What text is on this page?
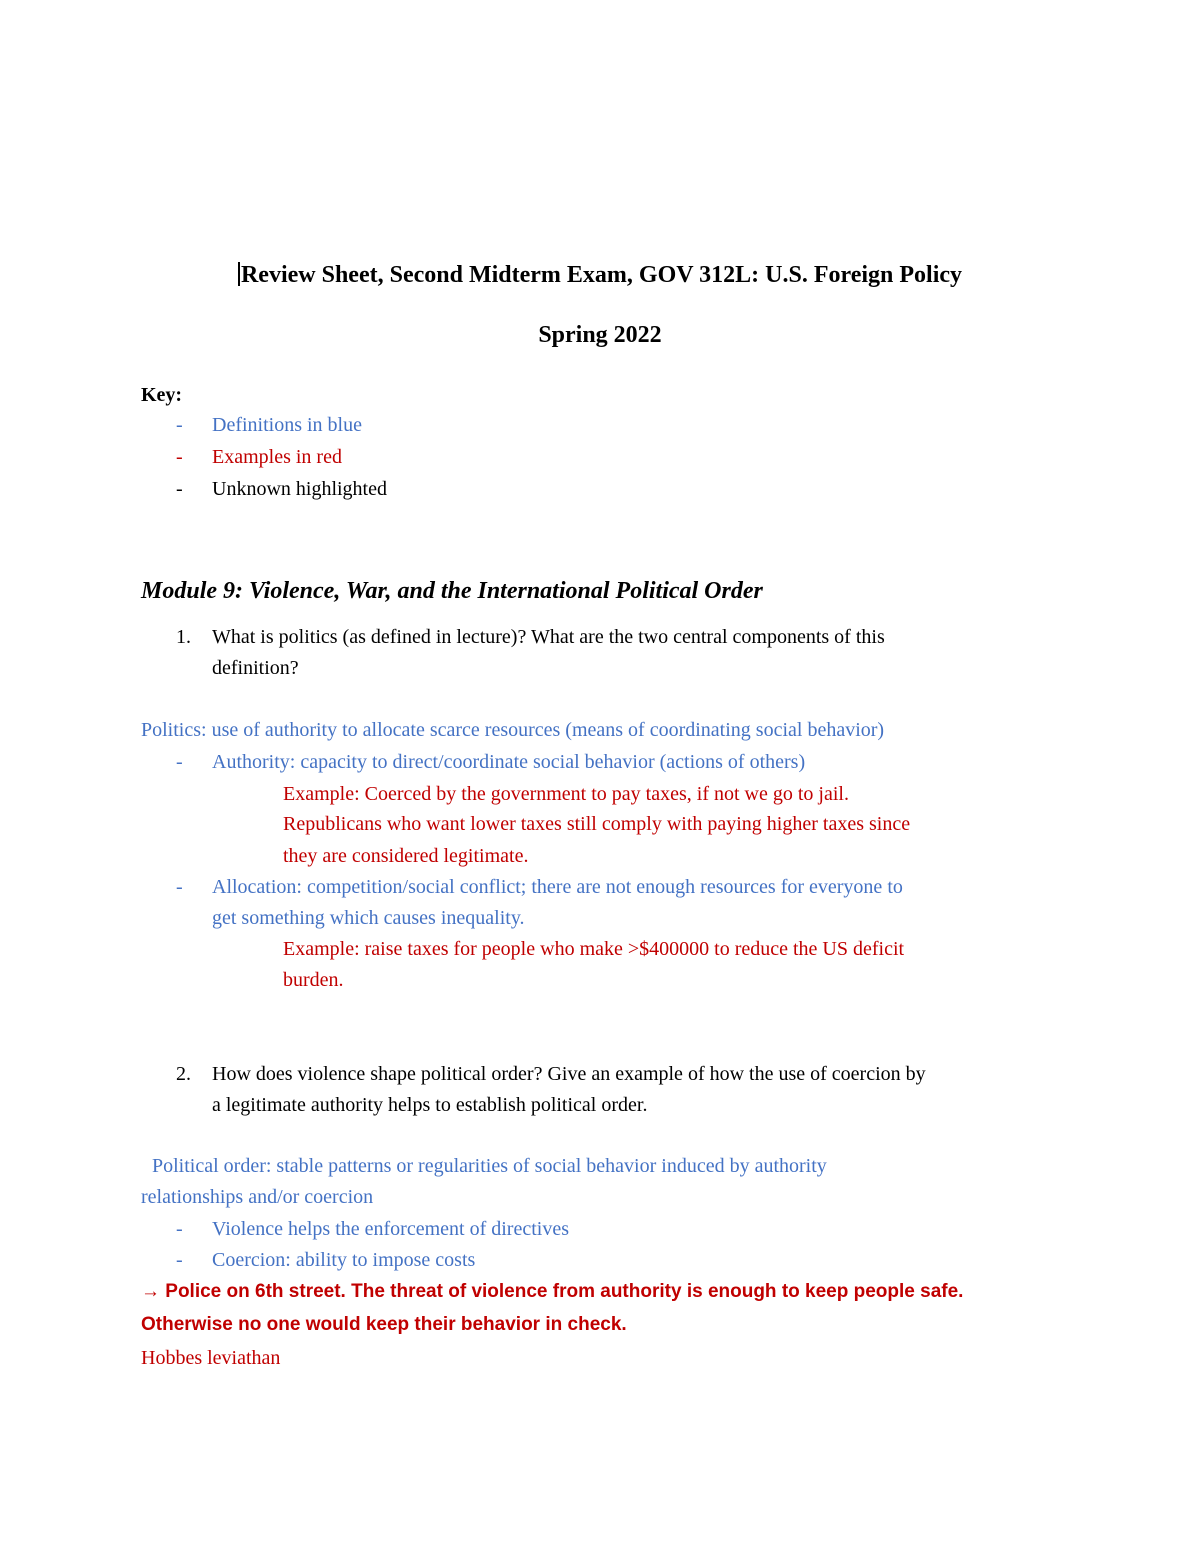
Review Sheet, Second Midterm Exam, GOV 312L: U.S. Foreign Policy
Spring 2022
Key:
- Definitions in blue
- Examples in red
- Unknown highlighted
Module 9: Violence, War, and the International Political Order
1. What is politics (as defined in lecture)? What are the two central components of this
definition?
Politics: use of authority to allocate scarce resources (means of coordinating social behavior)
- Authority: capacity to direct/coordinate social behavior (actions of others)
Example: Coerced by the government to pay taxes, if not we go to jail.
Republicans who want lower taxes still comply with paying higher taxes since
they are considered legitimate.
- Allocation: competition/social conflict; there are not enough resources for everyone to
get something which causes inequality.
Example: raise taxes for people who make >$400000 to reduce the US deficit
burden.
2. How does violence shape political order? Give an example of how the use of coercion by
a legitimate authority helps to establish political order.
Political order: stable patterns or regularities of social behavior induced by authority
relationships and/or coercion
- Violence helps the enforcement of directives
- Coercion: ability to impose costs
→ Police on 6th street. The threat of violence from authority is enough to keep people safe.
Otherwise no one would keep their behavior in check.
Hobbes leviathan
